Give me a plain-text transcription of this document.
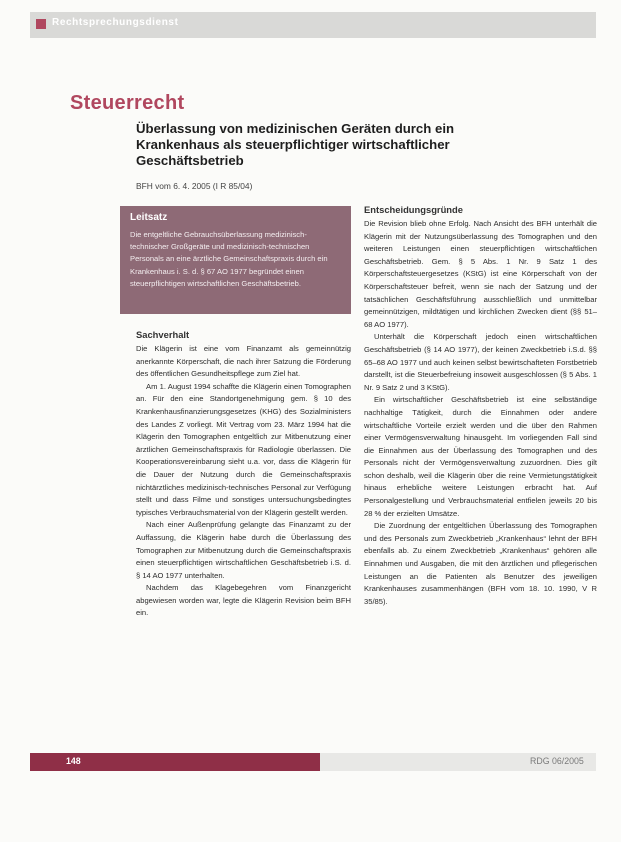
Rechtsprechungsdienst
Steuerrecht
Überlassung von medizinischen Geräten durch ein Krankenhaus als steuerpflichtiger wirtschaftlicher Geschäftsbetrieb
BFH vom 6. 4. 2005 (I R 85/04)
Leitsatz
Die entgeltliche Gebrauchsüberlassung medizinisch-technischer Großgeräte und medizinisch-technischen Personals an eine ärztliche Gemeinschaftspraxis durch ein Krankenhaus i. S. d. § 67 AO 1977 begründet einen steuerpflichtigen wirtschaftlichen Geschäftsbetrieb.
Sachverhalt

Die Klägerin ist eine vom Finanzamt als gemeinnützig anerkannte Körperschaft, die nach ihrer Satzung die Förderung des öffentlichen Gesundheitspflege zum Ziel hat.

Am 1. August 1994 schaffte die Klägerin einen Tomographen an. Für den eine Standortgenehmigung gem. § 10 des Krankenhausfinanzierungsgesetzes (KHG) des Sozialministers des Landes Z vorliegt. Mit Vertrag vom 23. März 1994 hat die Klägerin den Tomographen entgeltlich zur Mitbenutzung einer ärztlichen Gemeinschaftspraxis für Radiologie überlassen. Die Kooperationsvereinbarung sieht u.a. vor, dass die Klägerin für die Dauer der Nutzung durch die Gemeinschaftspraxis nichtärztliches medizinisch-technisches Personal zur Verfügung stellt und dass Filme und sonstiges untersuchungsbedingtes typisches Verbrauchsmaterial von der Klägerin gestellt werden.

Nach einer Außenprüfung gelangte das Finanzamt zu der Auffassung, die Klägerin habe durch die Überlassung des Tomographen zur Mitbenutzung durch die Gemeinschaftspraxis einen steuerpflichtigen wirtschaftlichen Geschäftsbetrieb i.S. d. § 14 AO 1977 unterhalten.

Nachdem das Klagebegehren vom Finanzgericht abgewiesen worden war, legte die Klägerin Revision beim BFH ein.

Entscheidungsgründe

Die Revision blieb ohne Erfolg. Nach Ansicht des BFH unterhält die Klägerin mit der Nutzungsüberlassung des Tomographen und den weiteren Leistungen einen steuerpflichtigen wirtschaftlichen Geschäftsbetrieb. Gem. § 5 Abs. 1 Nr. 9 Satz 1 des Körperschaftsteuergesetzes (KStG) ist eine Körperschaft von der Körperschaftsteuer befreit, wenn sie nach der Satzung und der tatsächlichen Geschäftsführung ausschließlich und unmittelbar gemeinnützigen, mildtätigen und kirchlichen Zwecken dient (§§ 51–68 AO 1977).

Unterhält die Körperschaft jedoch einen wirtschaftlichen Geschäftsbetrieb (§ 14 AO 1977), der keinen Zweckbetrieb i.S.d. §§ 65–68 AO 1977 und auch keinen selbst bewirtschafteten Forstbetrieb darstellt, ist die Steuerbefreiung insoweit ausgeschlossen (§ 5 Abs. 1 Nr. 9 Satz 2 und 3 KStG).

Ein wirtschaftlicher Geschäftsbetrieb ist eine selbständige nachhaltige Tätigkeit, durch die Einnahmen oder andere wirtschaftliche Vorteile erzielt werden und die über den Rahmen einer Vermögensverwaltung hinausgeht. Im vorliegenden Fall sind die Einnahmen aus der Überlassung des Tomographen und des Personals nicht der Vermögensverwaltung zuzuordnen. Dies gilt schon deshalb, weil die Klägerin über die reine Vermietungstätigkeit hinaus erhebliche weitere Leistungen erbracht hat. Auf Personalgestellung und Verbrauchsmaterial entfielen jeweils 20 bis 28 % der erzielten Umsätze.

Die Zuordnung der entgeltlichen Überlassung des Tomographen und des Personals zum Zweckbetrieb „Krankenhaus“ lehnt der BFH ebenfalls ab. Zu einem Zweckbetrieb „Krankenhaus“ gehören alle Einnahmen und Ausgaben, die mit den ärztlichen und pflegerischen Leistungen an die Patienten als Benutzer des jeweiligen Krankenhauses zusammenhängen (BFH vom 18. 10. 1990, V R 35/85).

148	RDG 06/2005
